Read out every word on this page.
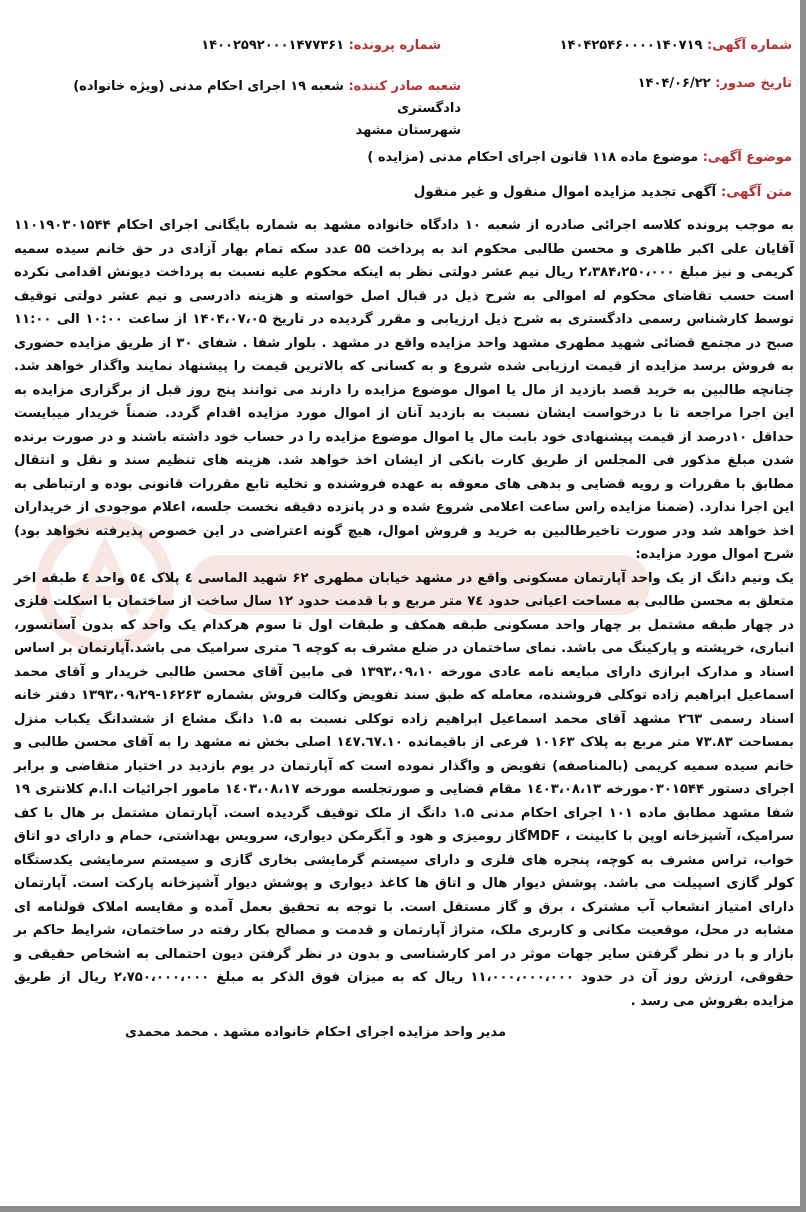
شماره آگهی: ۱۴۰۴۲۵۴۶۰۰۰۰۱۴۰۷۱۹
شماره پرونده: ۱۴۰۰۲۵۹۲۰۰۰۱۴۷۷۳۶۱
تاریخ صدور: ۱۴۰۴/۰۶/۲۲
شعبه صادر کننده: شعبه ۱۹ اجرای احکام مدنی (ویژه خانواده) دادگستری
شهرستان مشهد
موضوع آگهی: موضوع ماده ۱۱۸ قانون اجرای احکام مدنی (مزایده )
متن آگهی: آگهی تجدید مزایده اموال منقول و غیر منقول

به موجب پرونده کلاسه اجرائی صادره از شعبه ۱۰ دادگاه خانواده مشهد به شماره بایگانی اجرای احکام ۱۱۰۱۹۰۳۰۱۵۴۴ آقایان علی اکبر طاهری و محسن طالبی محکوم اند به پرداخت ۵۵ عدد سکه تمام بهار آزادی در حق خانم سیده سمیه کریمی و نیز مبلغ ۲،۳۸۴،۲۵۰،۰۰۰ ریال نیم عشر دولتی نظر به اینکه محکوم علیه نسبت به پرداخت دیونش اقدامی نکرده است حسب تقاضای محکوم له اموالی به شرح ذیل در قبال اصل خواسته و هزینه دادرسی و نیم عشر دولتی توقیف توسط کارشناس رسمی دادگستری به شرح ذیل ارزیابی و مقرر گردیده در تاریخ ۱۴۰۴،۰۷،۰۵ از ساعت ۱۰:۰۰ الی ۱۱:۰۰ صبح در مجتمع قضائی شهید مطهری مشهد واحد مزایده واقع در مشهد . بلوار شفا . شفای ۳۰ از طریق مزایده حضوری به فروش برسد مزایده از قیمت ارزیابی شده شروع و به کسانی که بالاترین قیمت را پیشنهاد نمایند واگذار خواهد شد. چنانچه طالبین به خرید قصد بازدید از مال یا اموال موضوع مزایده را دارند می توانند پنج روز قبل از برگزاری مزایده به این اجرا مراجعه تا با درخواست ایشان نسبت به بازدید آنان از اموال مورد مزایده اقدام گردد. ضمناً خریدار میبایست حداقل ۱۰درصد از قیمت پیشنهادی خود بابت مال یا اموال موضوع مزایده را در حساب خود داشته باشند و در صورت برنده شدن مبلغ مذکور فی المجلس از طریق کارت بانکی از ایشان اخذ خواهد شد. هزینه های تنظیم سند و نقل و انتقال مطابق با مقررات و رویه قضایی و بدهی های معوقه به عهده فروشنده و تخلیه تابع مقررات قانونی بوده و ارتباطی به این اجرا ندارد. (ضمنا مزایده راس ساعت اعلامی شروع شده و در پانزده دقیقه نخست جلسه، اعلام موجودی از خریداران اخذ خواهد شد ودر صورت تاخیرطالبین به خرید و فروش اموال، هیچ گونه اعتراضی در این خصوص پذیرفته نخواهد بود) شرح اموال مورد مزایده:

یک ونیم دانگ از یک واحد آپارتمان مسکونی واقع در مشهد خیابان مطهری ۶۲ شهید الماسی ٤ پلاک ٥٤ واحد ٤ طبقه اخر متعلق به محسن طالبی به مساحت اعیانی حدود ۷٤ متر مربع و با قدمت حدود ۱۲ سال ساخت از ساختمان با اسکلت فلزی در چهار طبقه مشتمل بر چهار واحد مسکونی طبقه همکف و طبقات اول تا سوم هرکدام یک واحد که بدون آسانسور، انباری، خرپشته و پارکینگ می باشد. نمای ساختمان در ضلع مشرف به کوچه ٦ متری سرامیک می باشد.آپارتمان بر اساس اسناد و مدارک ابرازی دارای مبایعه نامه عادی مورخه ۱۳۹۳،۰۹،۱۰ فی مابین آقای محسن طالبی خریدار و آقای محمد اسماعیل ابراهیم زاده توکلی فروشنده، معامله که طبق سند تفویض وکالت فروش بشماره ۱۶۲۶۳-۱۳۹۳،۰۹،۲۹ دفتر خانه اسناد رسمی ۲٦۳ مشهد آقای محمد اسماعیل ابراهیم زاده توکلی نسبت به ۱.۵ دانگ مشاع از ششدانگ یکباب منزل بمساحت ۷۳.۸۳ متر مربع به پلاک ۱۰۱۶۳ فرعی از باقیمانده ۱٤۷.٦۷.۱۰ اصلی بخش نه مشهد را به آقای محسن طالبی و خانم سیده سمیه کریمی (بالمناصفه) تفویض و واگذار نموده است که آپارتمان در یوم بازدید در اختیار متقاضی و برابر اجرای دستور ۰۳۰۱۵۴۴مورخه ۱٤۰۳،۰۸،۱۳ مقام قضایی و صورتجلسه مورخه ۱٤۰۳،۰۸،۱۷ مامور اجرائیات ا.ا.م کلانتری ۱۹ شفا مشهد مطابق ماده ۱۰۱ اجرای احکام مدنی ۱.۵ دانگ از ملک توقیف گردیده است. آپارتمان مشتمل بر هال با کف سرامیک، آشپزخانه اوپن با کابینت ، MDFگاز رومیزی و هود و آبگرمکن دیواری، سرویس بهداشتی، حمام و دارای دو اتاق خواب، تراس مشرف به کوچه، پنجره های فلزی و دارای سیستم گرمایشی بخاری گازی و سیستم سرمایشی یکدستگاه کولر گازی اسپیلت می باشد. پوشش دیوار هال و اتاق ها کاغذ دیواری و پوشش دیوار آشپزخانه پارکت است. آپارتمان دارای امتیاز انشعاب آب مشترک ، برق و گاز مستقل است. با توجه به تحقیق بعمل آمده و مقایسه املاک قولنامه ای مشابه در محل، موقعیت مکانی و کاربری ملک، متراژ آپارتمان و قدمت و مصالح بکار رفته در ساختمان، شرایط حاکم بر بازار و با در نظر گرفتن سایر جهات موثر در امر کارشناسی و بدون در نظر گرفتن دیون احتمالی به اشخاص حقیقی و حقوقی، ارزش روز آن در حدود ۱۱،۰۰۰،۰۰۰،۰۰۰ ریال که به میزان فوق الذکر به مبلغ ۲،۷۵۰،۰۰۰،۰۰۰ ریال از طریق مزایده بفروش می رسد .

مدیر واحد مزایده اجرای احکام خانواده مشهد . محمد محمدی
